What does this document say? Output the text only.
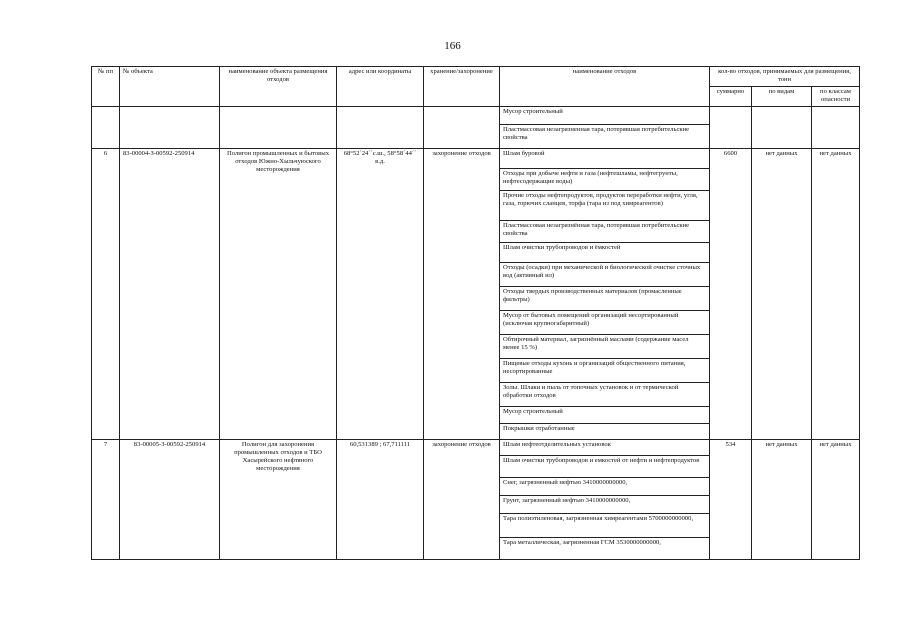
166
№ пп	№ объекта	наименование объекта размещения отходов	адрес или координаты	хранение/захоронение	наименование отходов	кол-во отходов, принимаемых для размещения, тонн		
						суммарно	по видам	по классам опасности
					Мусор строительный			
					Пластмассовая незагрязненная тара, потерявшая потребительские свойства			
6	83-00004-З-00592-250914	Полигон промышленных и бытовых отходов Южно-Хыльчуюского месторождения	68°52´24´´с.ш., 58°58´44´´ в.д.	захоронение отходов	Шлам буровой	6600	нет данных	нет данных
					Отходы при добыче нефти и газа (нефтешламы, нефтегрунты, нефтесодержащие воды)			
					Прочие отходы нефтепродуктов, продуктов переработки нефти, угля, газа, горючих сланцев, торфа (тара из под химреагентов)			
					Пластмассовая незагрязнённая тара, потерявшая потребительские свойства			
					Шлам очистки трубопроводов и ёмкостей			
					Отходы (осадки) при механической и биологической очистке сточных вод (активный ил)			
					Отходы твердых производственных материалов (промасленные фильтры)			
					Мусор от бытовых помещений организаций несортированный (исключая крупногабаритный)			
					Обтирочный материал, загрязнённый маслами (содержание масел менее 15 %)			
					Пищевые отходы кухонь и организаций общественного питания, несортированные			
					Золы. Шлаки и пыль от топочных установок и от термической обработки отходов			
					Мусор строительный			
					Покрышки отработанные			
7	83-00005-З-00592-250914	Полигон для захоронения промышленных отходов и ТБО Хасырейского нефтяного месторождения	60,531389 ; 67,711111	захоронение отходов	Шлам нефтеотделительных установок	534	нет данных	нет данных
					Шлам очистки трубопроводов и емкостей от нефти и нефтепродуктов			
					Снег, загрязненный нефтью 3410000000000,			
					Грунт, загрязненный нефтью 3410000000000,			
					Тара полиэтиленовая, загрязненная химреагентами 5700000000000,			
					Тара металлическая, загрязненная ГСМ 3530000000000,			
